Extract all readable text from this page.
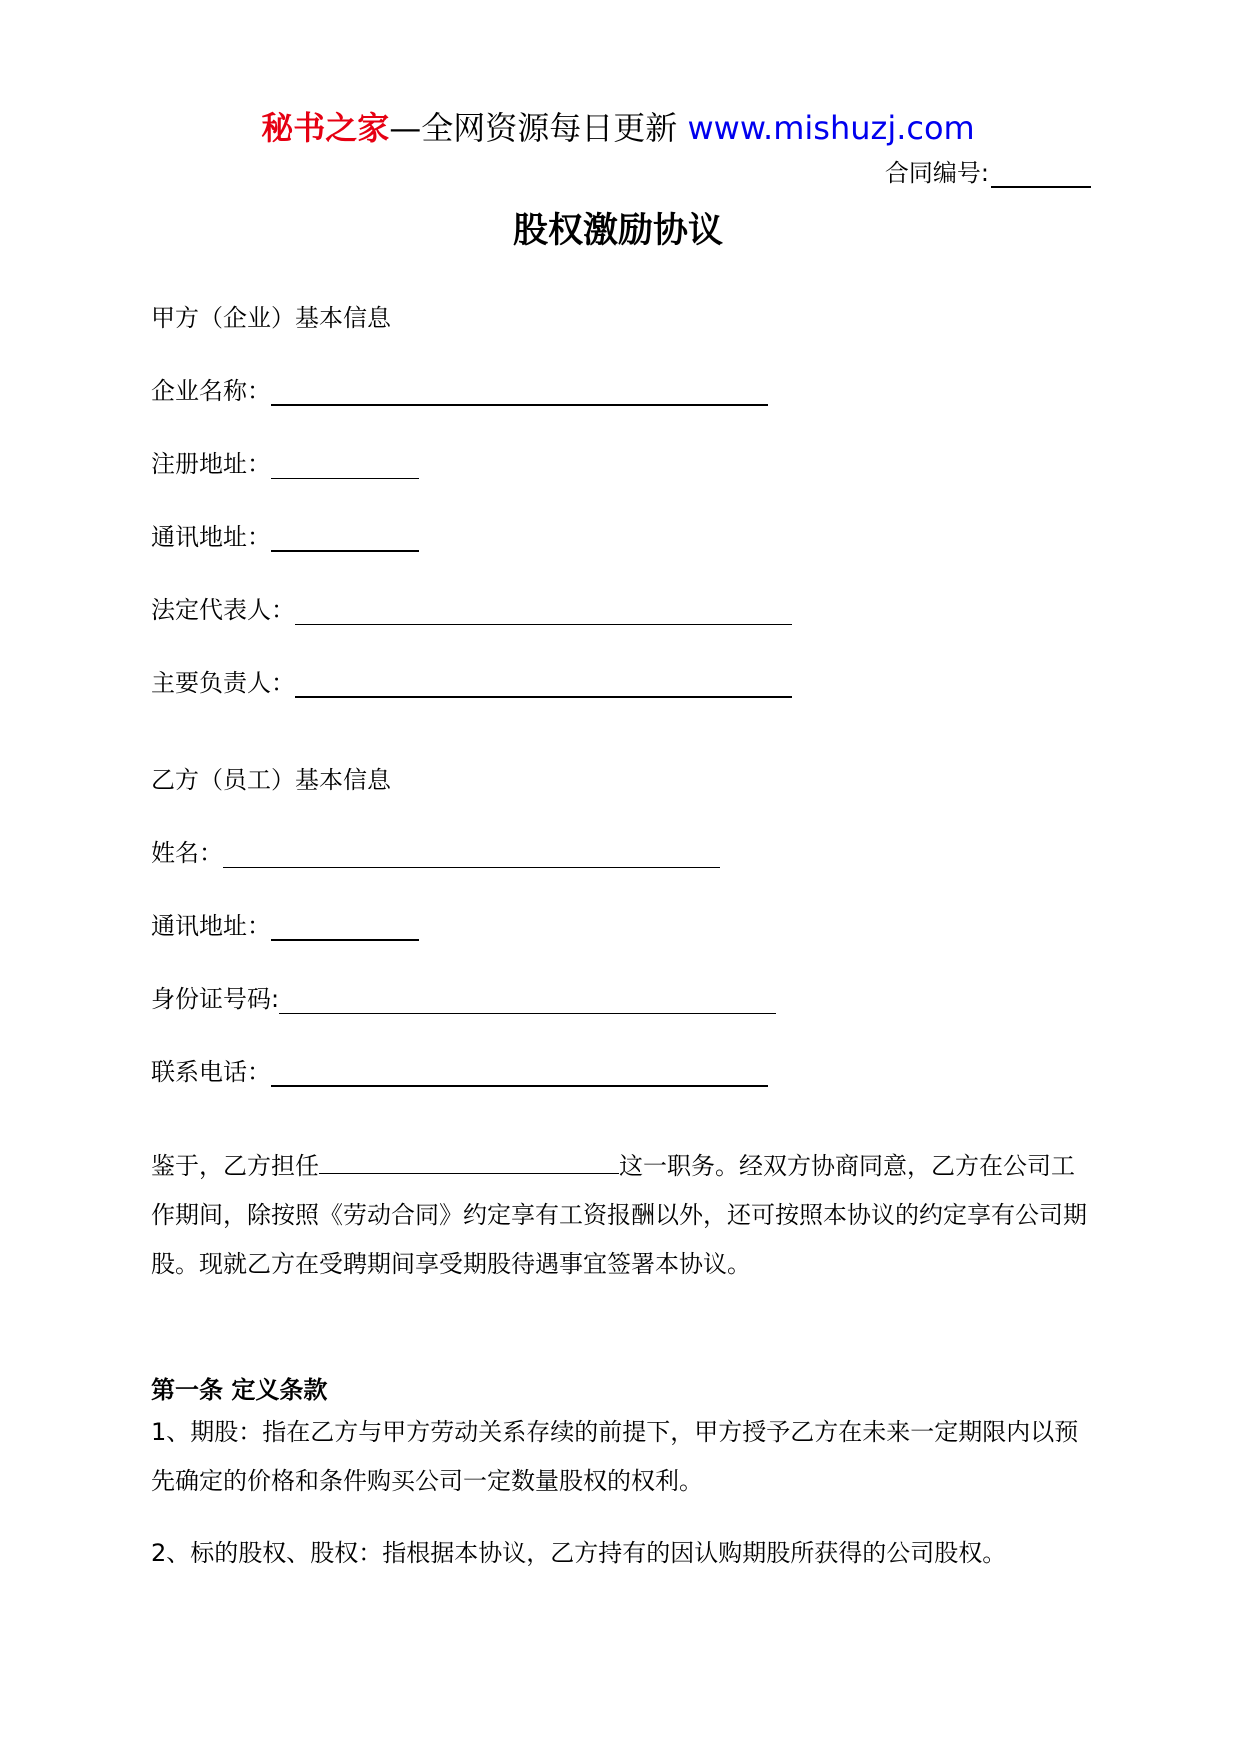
秘书之家—全网资源每日更新 www.mishuzj.com
合同编号:
股权激励协议
甲方（企业）基本信息
企业名称：
注册地址：
通讯地址：
法定代表人：
主要负责人：
乙方（员工）基本信息
姓名：
通讯地址：
身份证号码:
联系电话：
鉴于，乙方担任	这一职务。经双方协商同意，乙方在公司工作期间，除按照《劳动合同》约定享有工资报酬以外，还可按照本协议的约定享有公司期股。现就乙方在受聘期间享受期股待遇事宜签署本协议。
第一条 定义条款
1、期股：指在乙方与甲方劳动关系存续的前提下，甲方授予乙方在未来一定期限内以预先确定的价格和条件购买公司一定数量股权的权利。
2、标的股权、股权：指根据本协议，乙方持有的因认购期股所获得的公司股权。
